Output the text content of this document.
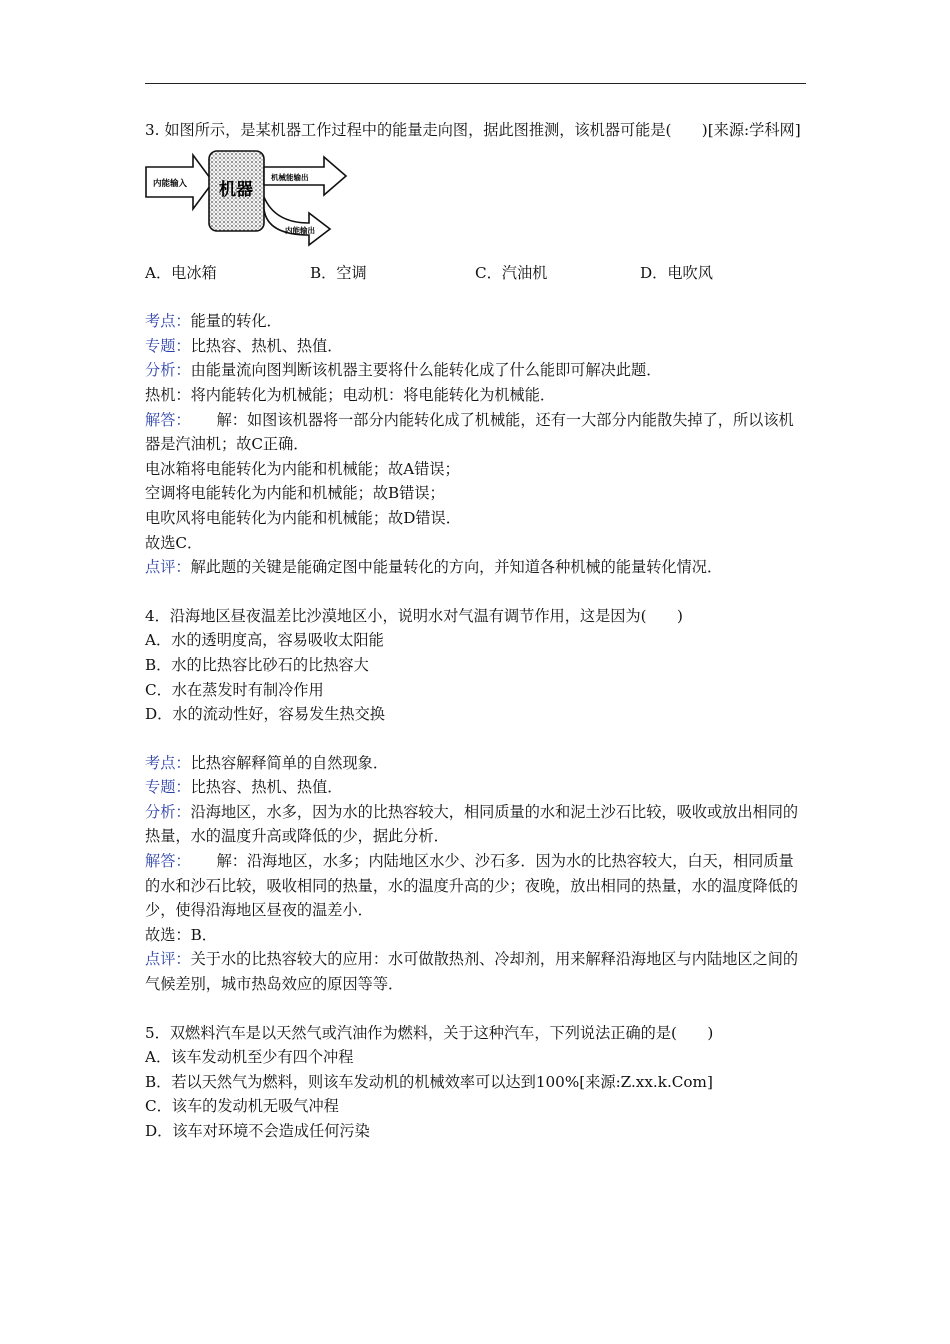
3. 如图所示，是某机器工作过程中的能量走向图，据此图推测，该机器可能是(　　)[来源:学科网]

内能输入 机器
机械能输出
内能输出
A．电冰箱	B．空调	C．汽油机	D．电吹风

考点：能量的转化．

专题：比热容、热机、热值．

分析：由能量流向图判断该机器主要将什么能转化成了什么能即可解决此题．

热机：将内能转化为机械能；电动机：将电能转化为机械能．

解答： 解：如图该机器将一部分内能转化成了机械能，还有一大部分内能散失掉了，所以该机器是汽油机；故C正确．

电冰箱将电能转化为内能和机械能；故A错误；

空调将电能转化为内能和机械能；故B错误；

电吹风将电能转化为内能和机械能；故D错误．

故选C．

点评：解此题的关键是能确定图中能量转化的方向，并知道各种机械的能量转化情况．

4．沿海地区昼夜温差比沙漠地区小，说明水对气温有调节作用，这是因为(　　)

A．水的透明度高，容易吸收太阳能

B．水的比热容比砂石的比热容大

C．水在蒸发时有制冷作用

D．水的流动性好，容易发生热交换

考点：比热容解释简单的自然现象．

专题：比热容、热机、热值．

分析：沿海地区，水多，因为水的比热容较大，相同质量的水和泥土沙石比较，吸收或放出相同的热量，水的温度升高或降低的少，据此分析．

解答： 解：沿海地区，水多；内陆地区水少、沙石多．因为水的比热容较大，白天，相同质量的水和沙石比较，吸收相同的热量，水的温度升高的少；夜晚，放出相同的热量，水的温度降低的少，使得沿海地区昼夜的温差小．

故选：B．

点评：关于水的比热容较大的应用：水可做散热剂、冷却剂，用来解释沿海地区与内陆地区之间的气候差别，城市热岛效应的原因等等．

5．双燃料汽车是以天然气或汽油作为燃料，关于这种汽车，下列说法正确的是(　　)

A．该车发动机至少有四个冲程

B．若以天然气为燃料，则该车发动机的机械效率可以达到100%[来源:Z.xx.k.Com]

C．该车的发动机无吸气冲程

D．该车对环境不会造成任何污染
